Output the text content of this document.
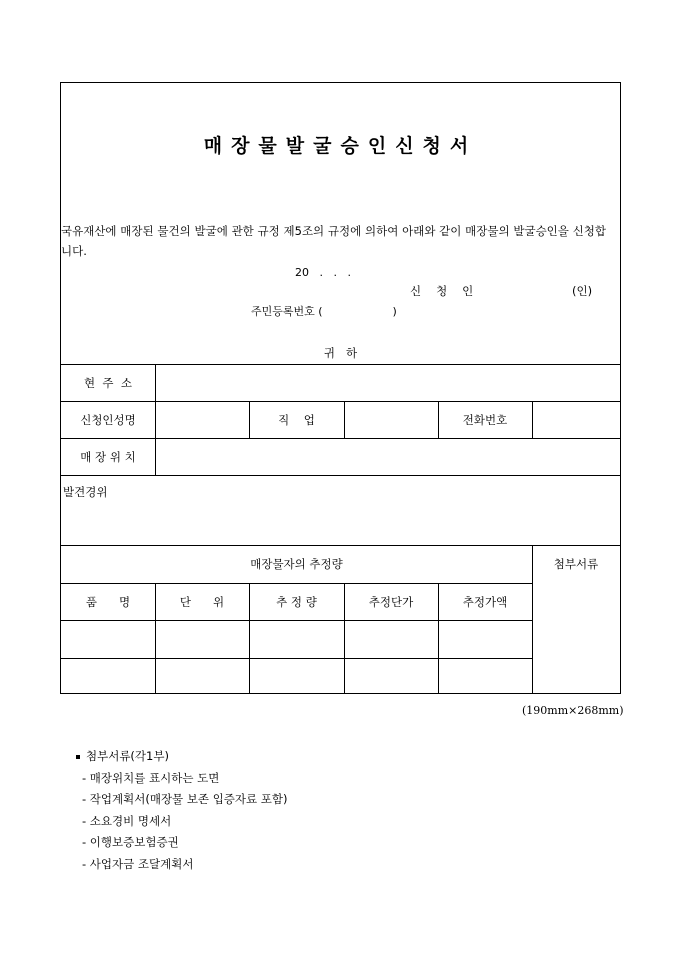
매장물발굴승인신청서
국유재산에 매장된 물건의 발굴에 관한 규정 제5조의 규정에 의하여 아래와 같이 매장물의 발굴승인을 신청합니다.
20   .   .   .
신   청   인	(인)
주민등록번호 (                    )
귀   하
현  주  소
신청인성명	직    업	전화번호
매 장 위 치
발견경위
매장물자의 추정량	첨부서류
품      명	단      위	추 정 량	추정단가	추정가액
(190mm×268mm)
첨부서류(각1부)
- 매장위치를 표시하는 도면
- 작업계획서(매장물 보존 입증자료 포함)
- 소요경비 명세서
- 이행보증보험증권
- 사업자금 조달계획서
